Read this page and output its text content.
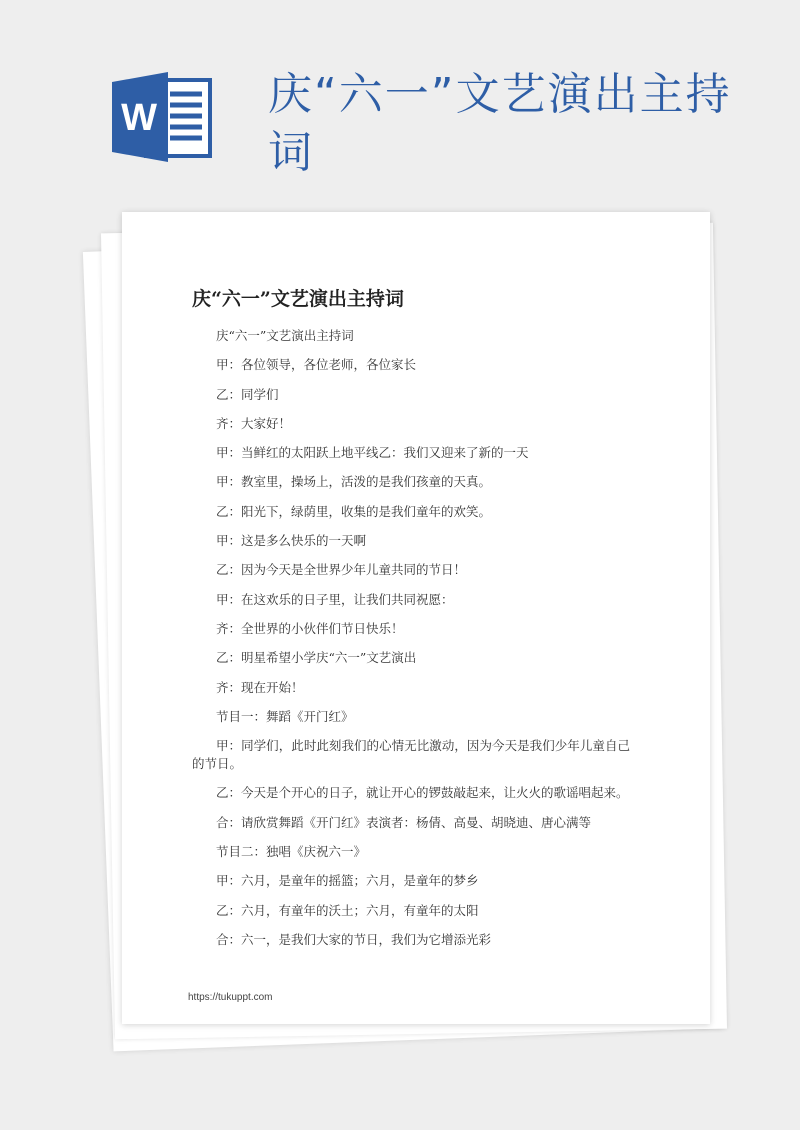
W	庆“六一”文艺演出主持词
庆“六一”文艺演出主持词
庆“六一”文艺演出主持词
甲：各位领导，各位老师，各位家长
乙：同学们
齐：大家好！
甲：当鲜红的太阳跃上地平线乙：我们又迎来了新的一天
甲：教室里，操场上，活泼的是我们孩童的天真。
乙：阳光下，绿荫里，收集的是我们童年的欢笑。
甲：这是多么快乐的一天啊
乙：因为今天是全世界少年儿童共同的节日！
甲：在这欢乐的日子里，让我们共同祝愿：
齐：全世界的小伙伴们节日快乐！
乙：明星希望小学庆“六一”文艺演出
齐：现在开始！
节目一：舞蹈《开门红》
甲：同学们，此时此刻我们的心情无比激动，因为今天是我们少年儿童自己的节日。
乙：今天是个开心的日子，就让开心的锣鼓敲起来，让火火的歌谣唱起来。
合：请欣赏舞蹈《开门红》表演者：杨倩、高曼、胡晓迪、唐心满等
节目二：独唱《庆祝六一》
甲：六月，是童年的摇篮；六月，是童年的梦乡
乙：六月，有童年的沃土；六月，有童年的太阳
合：六一，是我们大家的节日，我们为它增添光彩
https://tukuppt.com
